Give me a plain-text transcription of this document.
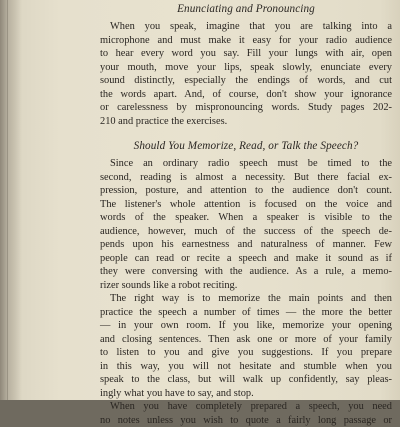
Enunciating and Pronouncing
When you speak, imagine that you are talking into a
microphone and must make it easy for your radio audience
to hear every word you say. Fill your lungs with air, open
your mouth, move your lips, speak slowly, enunciate every
sound distinctly, especially the endings of words, and cut
the words apart. And, of course, don't show your ignorance
or carelessness by mispronouncing words. Study pages 202-
210 and practice the exercises.
Should You Memorize, Read, or Talk the Speech?
Since an ordinary radio speech must be timed to the
second, reading is almost a necessity. But there facial ex-
pression, posture, and attention to the audience don't count.
The listener's whole attention is focused on the voice and
words of the speaker. When a speaker is visible to the
audience, however, much of the success of the speech de-
pends upon his earnestness and naturalness of manner. Few
people can read or recite a speech and make it sound as if
they were conversing with the audience. As a rule, a memo-
rizer sounds like a robot reciting.
The right way is to memorize the main points and then
practice the speech a number of times — the more the better
— in your own room. If you like, memorize your opening
and closing sentences. Then ask one or more of your family
to listen to you and give you suggestions. If you prepare
in this way, you will not hesitate and stumble when you
speak to the class, but will walk up confidently, say pleas-
ingly what you have to say, and stop.
When you have completely prepared a speech, you need
no notes unless you wish to quote a fairly long passage or
